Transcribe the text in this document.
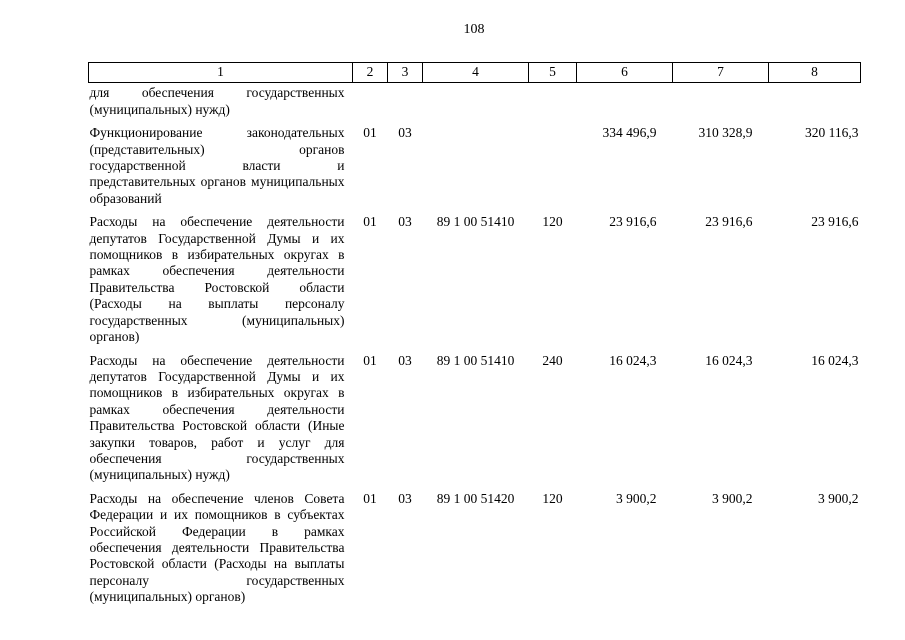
108
1	2	3	4	5	6	7	8
для обеспечения государственных (муниципальных) нужд)							
Функционирование законодательных (представительных) органов государственной власти и представительных органов муниципальных образований	01	03			334 496,9	310 328,9	320 116,3
Расходы на обеспечение деятельности депутатов Государственной Думы и их помощников в избирательных округах в рамках обеспечения деятельности Правительства Ростовской области (Расходы на выплаты персоналу государственных (муниципальных) органов)	01	03	89 1 00 51410	120	23 916,6	23 916,6	23 916,6
Расходы на обеспечение деятельности депутатов Государственной Думы и их помощников в избирательных округах в рамках обеспечения деятельности Правительства Ростовской области (Иные закупки товаров, работ и услуг для обеспечения государственных (муниципальных) нужд)	01	03	89 1 00 51410	240	16 024,3	16 024,3	16 024,3
Расходы на обеспечение членов Совета Федерации и их помощников в субъектах Российской Федерации в рамках обеспечения деятельности Правительства Ростовской области (Расходы на выплаты персоналу государственных (муниципальных) органов)	01	03	89 1 00 51420	120	3 900,2	3 900,2	3 900,2
